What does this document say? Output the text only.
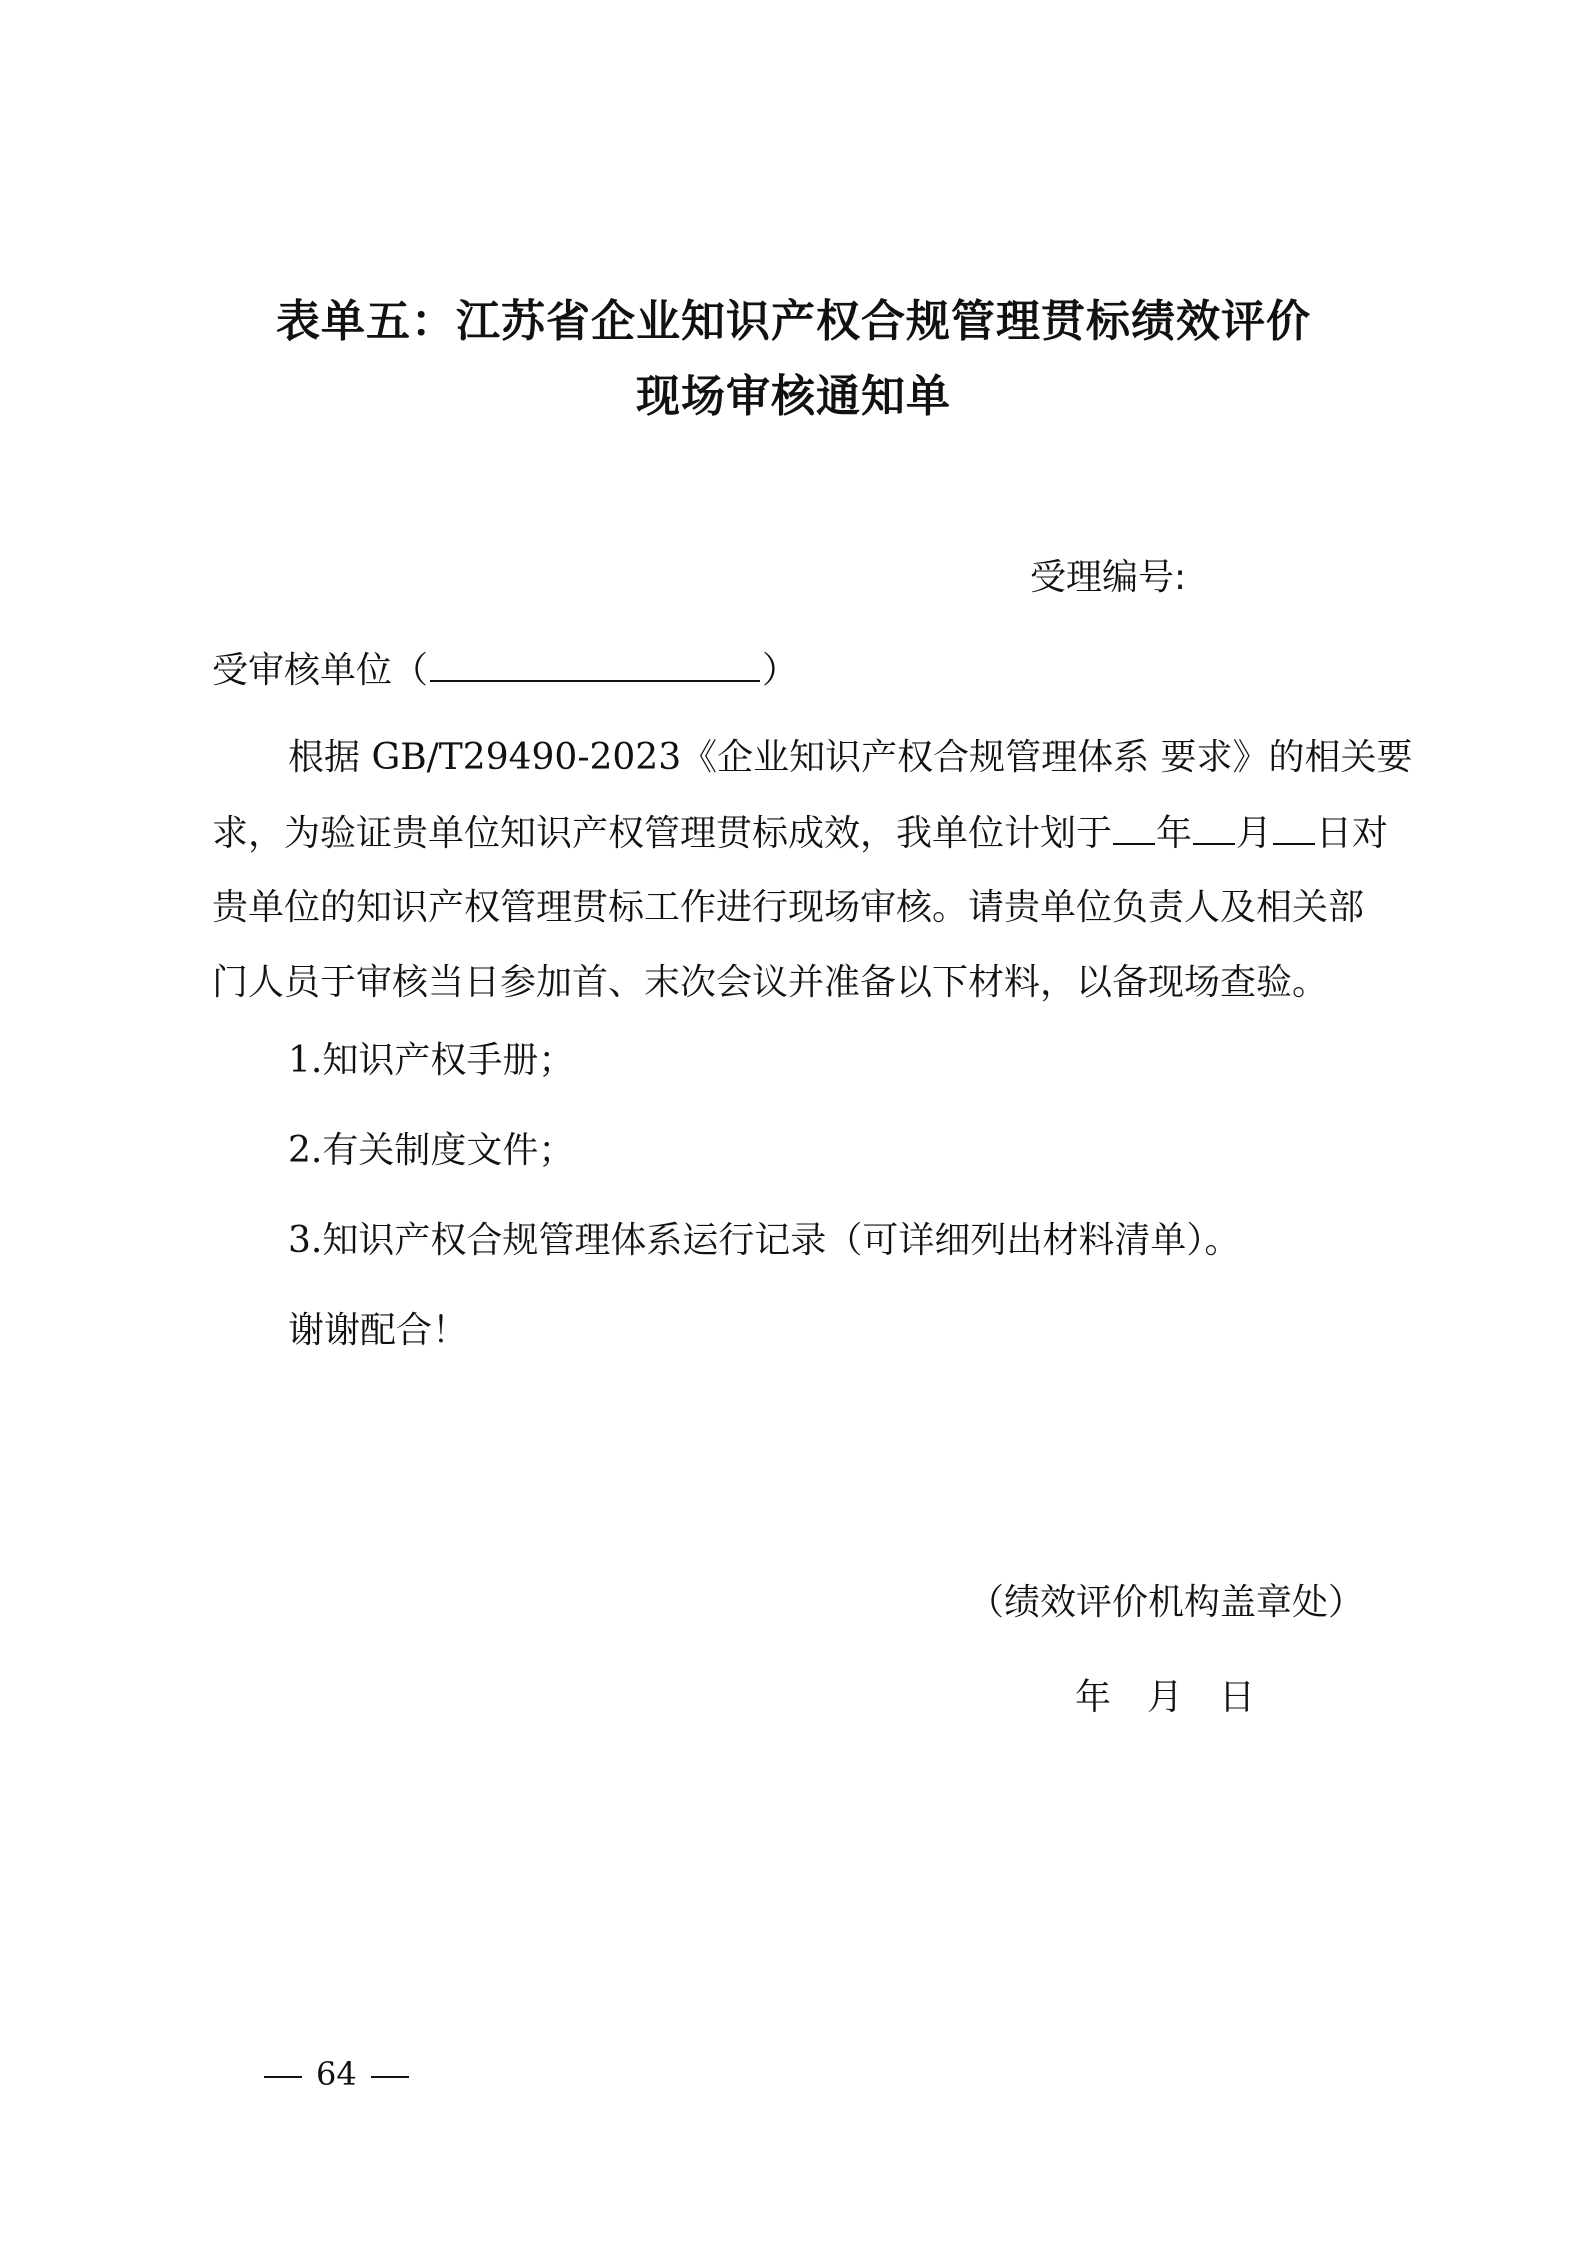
表单五：江苏省企业知识产权合规管理贯标绩效评价
现场审核通知单
受理编号:
受审核单位（	）
根据 GB/T29490-2023《企业知识产权合规管理体系 要求》的相关要
求，为验证贵单位知识产权管理贯标成效，我单位计划于 年 月 日对
贵单位的知识产权管理贯标工作进行现场审核。请贵单位负责人及相关部
门人员于审核当日参加首、末次会议并准备以下材料，以备现场查验。
1.知识产权手册；
2.有关制度文件；
3.知识产权合规管理体系运行记录（可详细列出材料清单）。
谢谢配合！
（绩效评价机构盖章处）
年 月 日
64
